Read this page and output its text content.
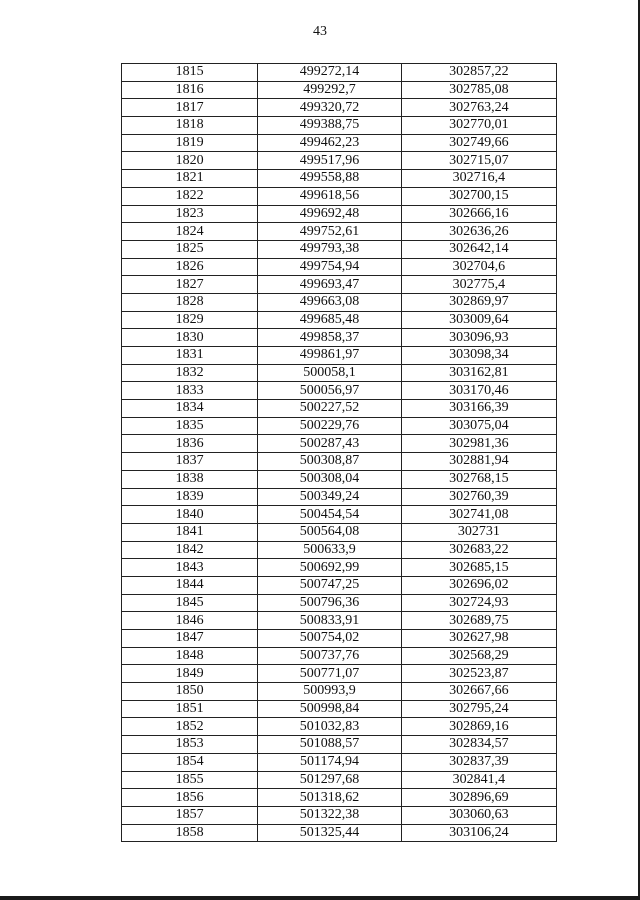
43
1815	499272,14	302857,22
1816	499292,7	302785,08
1817	499320,72	302763,24
1818	499388,75	302770,01
1819	499462,23	302749,66
1820	499517,96	302715,07
1821	499558,88	302716,4
1822	499618,56	302700,15
1823	499692,48	302666,16
1824	499752,61	302636,26
1825	499793,38	302642,14
1826	499754,94	302704,6
1827	499693,47	302775,4
1828	499663,08	302869,97
1829	499685,48	303009,64
1830	499858,37	303096,93
1831	499861,97	303098,34
1832	500058,1	303162,81
1833	500056,97	303170,46
1834	500227,52	303166,39
1835	500229,76	303075,04
1836	500287,43	302981,36
1837	500308,87	302881,94
1838	500308,04	302768,15
1839	500349,24	302760,39
1840	500454,54	302741,08
1841	500564,08	302731
1842	500633,9	302683,22
1843	500692,99	302685,15
1844	500747,25	302696,02
1845	500796,36	302724,93
1846	500833,91	302689,75
1847	500754,02	302627,98
1848	500737,76	302568,29
1849	500771,07	302523,87
1850	500993,9	302667,66
1851	500998,84	302795,24
1852	501032,83	302869,16
1853	501088,57	302834,57
1854	501174,94	302837,39
1855	501297,68	302841,4
1856	501318,62	302896,69
1857	501322,38	303060,63
1858	501325,44	303106,24
